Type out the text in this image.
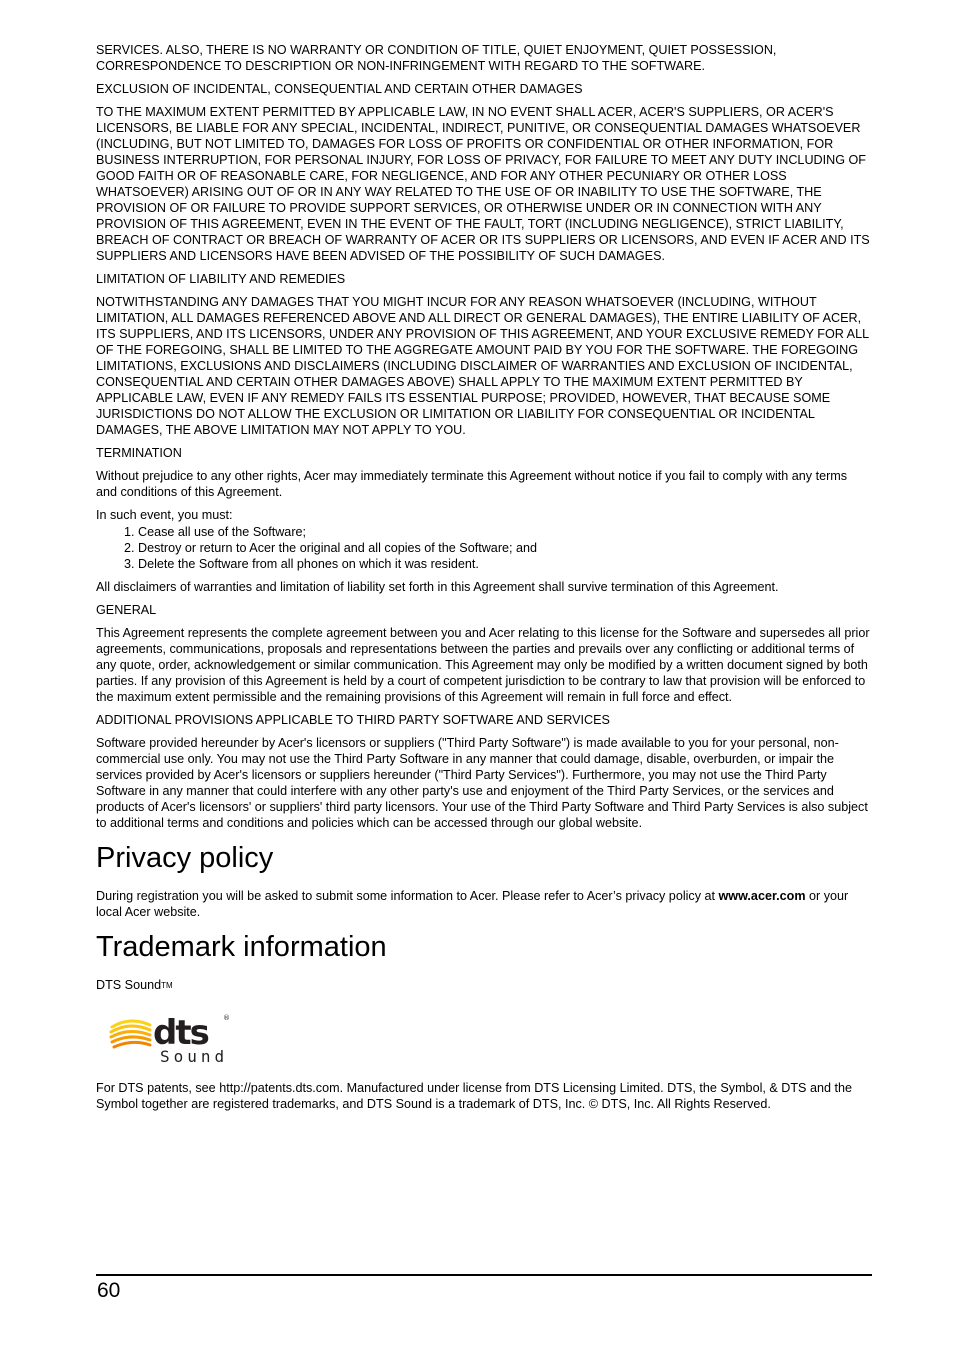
SERVICES. ALSO, THERE IS NO WARRANTY OR CONDITION OF TITLE, QUIET ENJOYMENT, QUIET POSSESSION, CORRESPONDENCE TO DESCRIPTION OR NON-INFRINGEMENT WITH REGARD TO THE SOFTWARE.

EXCLUSION OF INCIDENTAL, CONSEQUENTIAL AND CERTAIN OTHER DAMAGES

TO THE MAXIMUM EXTENT PERMITTED BY APPLICABLE LAW, IN NO EVENT SHALL ACER, ACER'S SUPPLIERS, OR ACER'S LICENSORS, BE LIABLE FOR ANY SPECIAL, INCIDENTAL, INDIRECT, PUNITIVE, OR CONSEQUENTIAL DAMAGES WHATSOEVER (INCLUDING, BUT NOT LIMITED TO, DAMAGES FOR LOSS OF PROFITS OR CONFIDENTIAL OR OTHER INFORMATION, FOR BUSINESS INTERRUPTION, FOR PERSONAL INJURY, FOR LOSS OF PRIVACY, FOR FAILURE TO MEET ANY DUTY INCLUDING OF GOOD FAITH OR OF REASONABLE CARE, FOR NEGLIGENCE, AND FOR ANY OTHER PECUNIARY OR OTHER LOSS WHATSOEVER) ARISING OUT OF OR IN ANY WAY RELATED TO THE USE OF OR INABILITY TO USE THE SOFTWARE, THE PROVISION OF OR FAILURE TO PROVIDE SUPPORT SERVICES, OR OTHERWISE UNDER OR IN CONNECTION WITH ANY PROVISION OF THIS AGREEMENT, EVEN IN THE EVENT OF THE FAULT, TORT (INCLUDING NEGLIGENCE), STRICT LIABILITY, BREACH OF CONTRACT OR BREACH OF WARRANTY OF ACER OR ITS SUPPLIERS OR LICENSORS, AND EVEN IF ACER AND ITS SUPPLIERS AND LICENSORS HAVE BEEN ADVISED OF THE POSSIBILITY OF SUCH DAMAGES.

LIMITATION OF LIABILITY AND REMEDIES

NOTWITHSTANDING ANY DAMAGES THAT YOU MIGHT INCUR FOR ANY REASON WHATSOEVER (INCLUDING, WITHOUT LIMITATION, ALL DAMAGES REFERENCED ABOVE AND ALL DIRECT OR GENERAL DAMAGES), THE ENTIRE LIABILITY OF ACER, ITS SUPPLIERS, AND ITS LICENSORS, UNDER ANY PROVISION OF THIS AGREEMENT, AND YOUR EXCLUSIVE REMEDY FOR ALL OF THE FOREGOING, SHALL BE LIMITED TO THE AGGREGATE AMOUNT PAID BY YOU FOR THE SOFTWARE. THE FOREGOING LIMITATIONS, EXCLUSIONS AND DISCLAIMERS (INCLUDING DISCLAIMER OF WARRANTIES AND EXCLUSION OF INCIDENTAL, CONSEQUENTIAL AND CERTAIN OTHER DAMAGES ABOVE) SHALL APPLY TO THE MAXIMUM EXTENT PERMITTED BY APPLICABLE LAW, EVEN IF ANY REMEDY FAILS ITS ESSENTIAL PURPOSE; PROVIDED, HOWEVER, THAT BECAUSE SOME JURISDICTIONS DO NOT ALLOW THE EXCLUSION OR LIMITATION OR LIABILITY FOR CONSEQUENTIAL OR INCIDENTAL DAMAGES, THE ABOVE LIMITATION MAY NOT APPLY TO YOU.

TERMINATION

Without prejudice to any other rights, Acer may immediately terminate this Agreement without notice if you fail to comply with any terms and conditions of this Agreement.

In such event, you must:

1. Cease all use of the Software;
2. Destroy or return to Acer the original and all copies of the Software; and
3. Delete the Software from all phones on which it was resident.

All disclaimers of warranties and limitation of liability set forth in this Agreement shall survive termination of this Agreement.

GENERAL

This Agreement represents the complete agreement between you and Acer relating to this license for the Software and supersedes all prior agreements, communications, proposals and representations between the parties and prevails over any conflicting or additional terms of any quote, order, acknowledgement or similar communication. This Agreement may only be modified by a written document signed by both parties. If any provision of this Agreement is held by a court of competent jurisdiction to be contrary to law that provision will be enforced to the maximum extent permissible and the remaining provisions of this Agreement will remain in full force and effect.

ADDITIONAL PROVISIONS APPLICABLE TO THIRD PARTY SOFTWARE AND SERVICES

Software provided hereunder by Acer's licensors or suppliers ("Third Party Software") is made available to you for your personal, non-commercial use only. You may not use the Third Party Software in any manner that could damage, disable, overburden, or impair the services provided by Acer's licensors or suppliers hereunder ("Third Party Services"). Furthermore, you may not use the Third Party Software in any manner that could interfere with any other party's use and enjoyment of the Third Party Services, or the services and products of Acer's licensors' or suppliers' third party licensors. Your use of the Third Party Software and Third Party Services is also subject to additional terms and conditions and policies which can be accessed through our global website.

Privacy policy

During registration you will be asked to submit some information to Acer. Please refer to Acer’s privacy policy at www.acer.com or your local Acer website.

Trademark information

DTS SoundTM

dts ®
Sound

For DTS patents, see http://patents.dts.com. Manufactured under license from DTS Licensing Limited. DTS, the Symbol, & DTS and the Symbol together are registered trademarks, and DTS Sound is a trademark of DTS, Inc. © DTS, Inc. All Rights Reserved.

60
